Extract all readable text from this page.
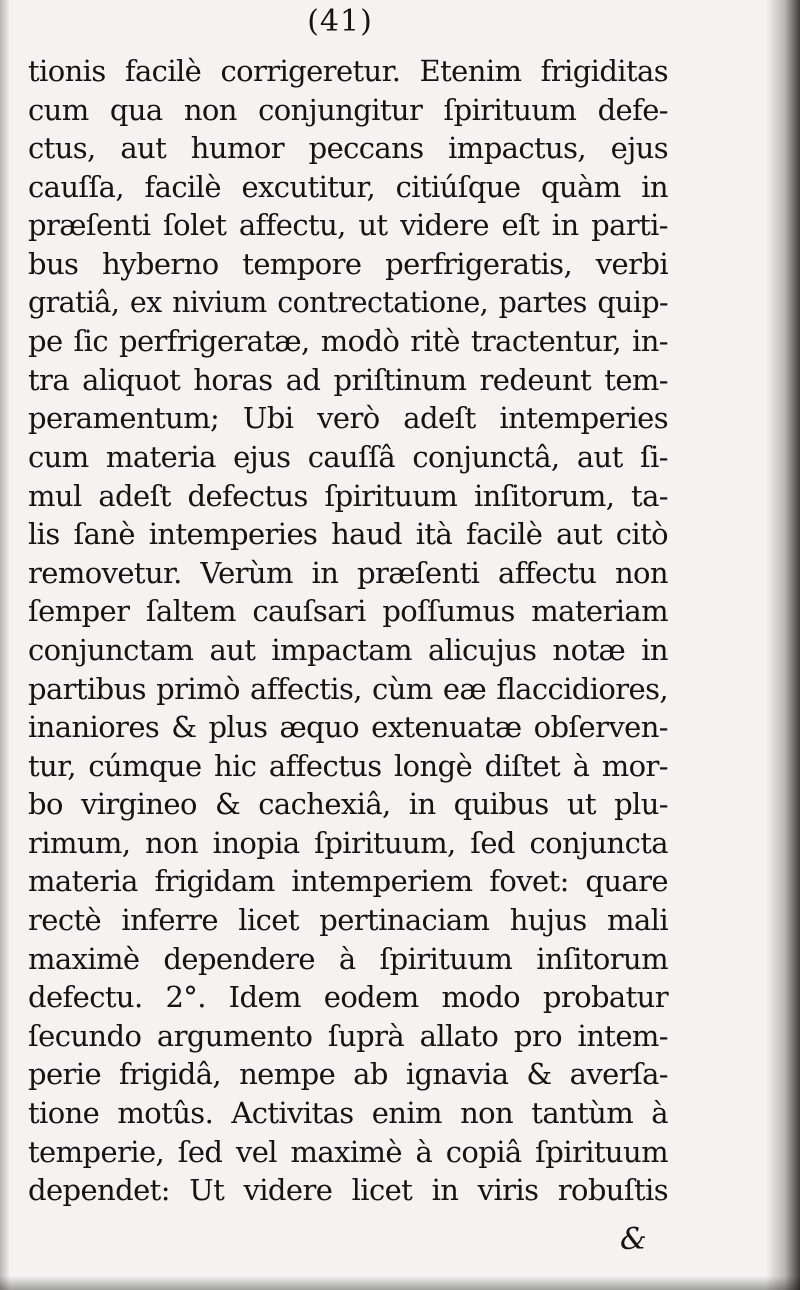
(41)
tionis facilè corrigeretur. Etenim frigiditas
cum qua non conjungitur ſpirituum defe-
ctus, aut humor peccans impactus, ejus
cauſſa, facilè excutitur, citiúſque quàm in
præſenti ſolet affectu, ut videre eſt in parti-
bus hyberno tempore perfrigeratis, verbi
gratiâ, ex nivium contrectatione, partes quip-
pe ſic perfrigeratæ, modò ritè tractentur, in-
tra aliquot horas ad priſtinum redeunt tem-
peramentum; Ubi verò adeſt intemperies
cum materia ejus cauſſâ conjunctâ, aut ſi-
mul adeſt defectus ſpirituum inſitorum, ta-
lis ſanè intemperies haud ità facilè aut citò
removetur. Verùm in præſenti affectu non
ſemper ſaltem cauſsari poſſumus materiam
conjunctam aut impactam alicujus notæ in
partibus primò affectis, cùm eæ flaccidiores,
inaniores & plus æquo extenuatæ obſerven-
tur, cúmque hic affectus longè diſtet à mor-
bo virgineo & cachexiâ, in quibus ut plu-
rimum, non inopia ſpirituum, ſed conjuncta
materia frigidam intemperiem fovet: quare
rectè inferre licet pertinaciam hujus mali
maximè dependere à ſpirituum inſitorum
defectu. 2°. Idem eodem modo probatur
ſecundo argumento ſuprà allato pro intem-
perie frigidâ, nempe ab ignavia & averſa-
tione motûs. Activitas enim non tantùm à
temperie, ſed vel maximè à copiâ ſpirituum
dependet: Ut videre licet in viris robuſtis
&
